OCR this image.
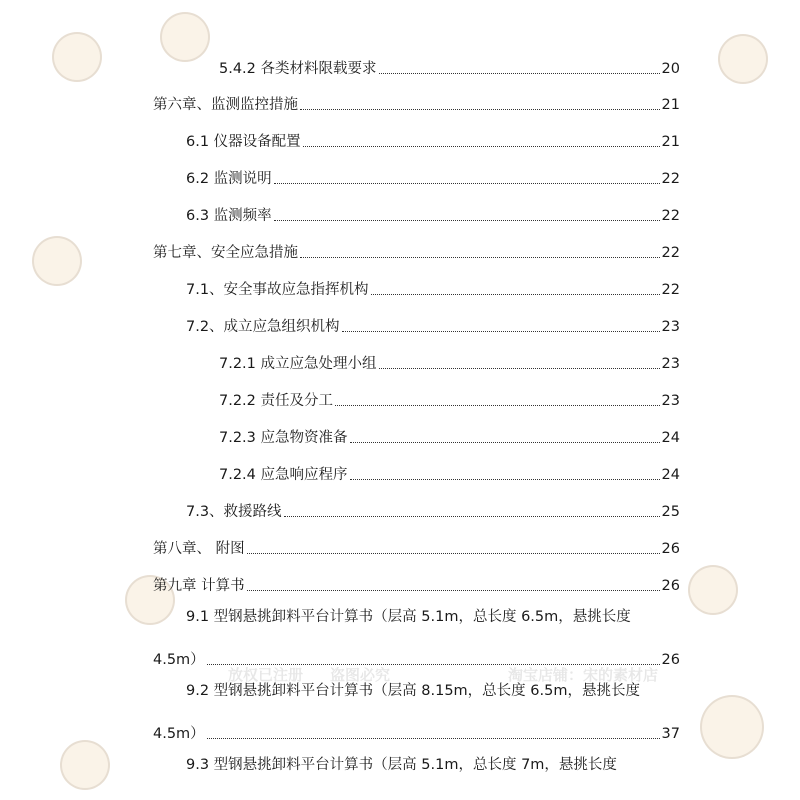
放权已注册 盗图必究	淘宝店铺：宋的素材店
5.4.2 各类材料限载要求	20
第六章、监测监控措施	21
6.1 仪器设备配置	21
6.2 监测说明	22
6.3 监测频率	22
第七章、安全应急措施	22
7.1、安全事故应急指挥机构	22
7.2、成立应急组织机构	23
7.2.1 成立应急处理小组	23
7.2.2 责任及分工	23
7.2.3 应急物资准备	24
7.2.4 应急响应程序	24
7.3、救援路线	25
第八章、 附图	26
第九章 计算书	26
9.1 型钢悬挑卸料平台计算书（层高 5.1m，总长度 6.5m，悬挑长度
4.5m）	26
9.2 型钢悬挑卸料平台计算书（层高 8.15m，总长度 6.5m，悬挑长度
4.5m）	37
9.3 型钢悬挑卸料平台计算书（层高 5.1m，总长度 7m，悬挑长度
